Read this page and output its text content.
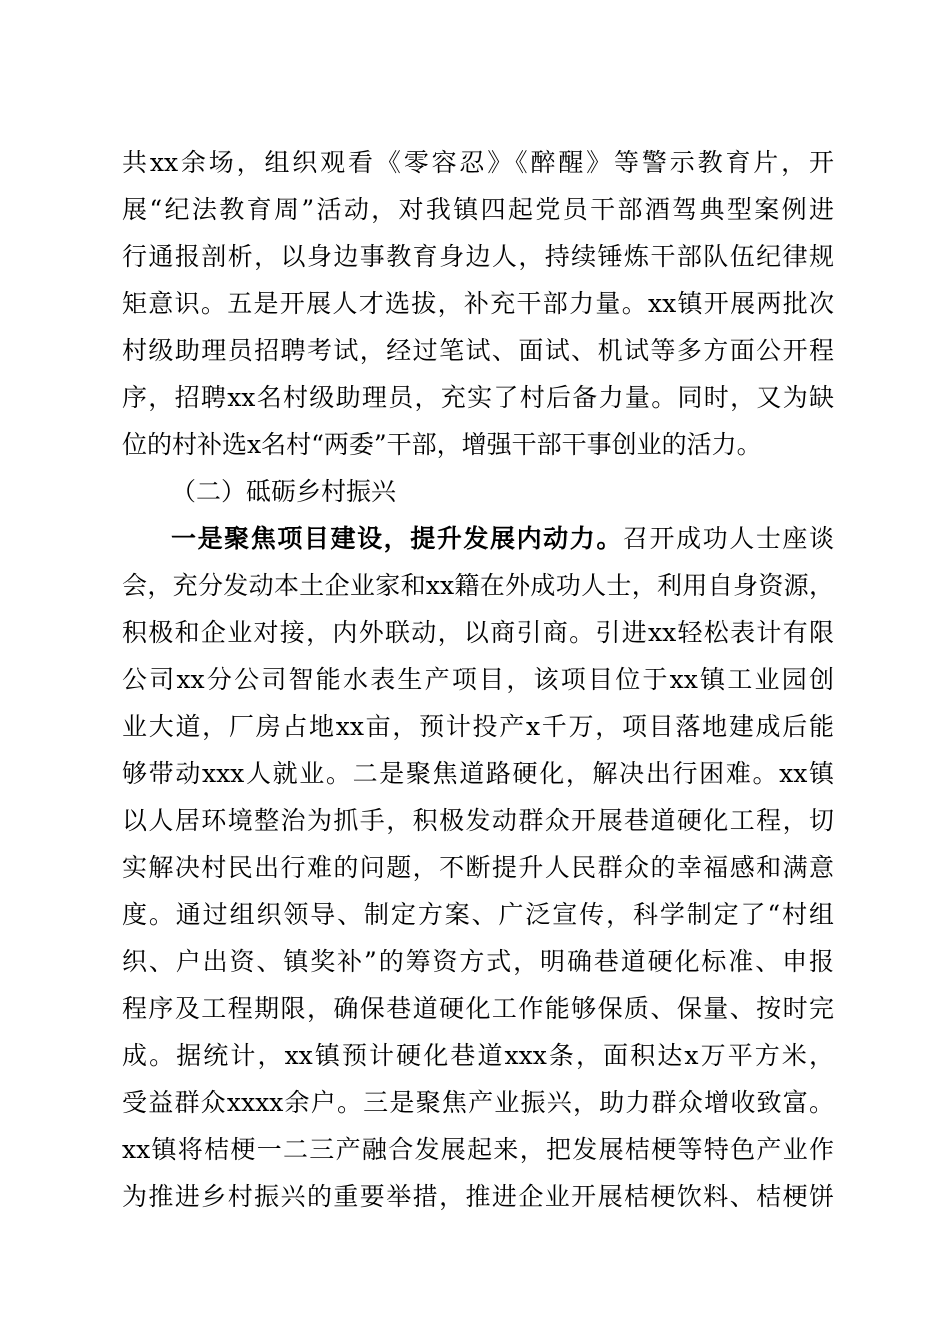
共xx余场，组织观看《零容忍》《醉醒》等警示教育片，开
展“纪法教育周”活动，对我镇四起党员干部酒驾典型案例进
行通报剖析，以身边事教育身边人，持续锤炼干部队伍纪律规
矩意识。五是开展人才选拔，补充干部力量。xx镇开展两批次
村级助理员招聘考试，经过笔试、面试、机试等多方面公开程
序，招聘xx名村级助理员，充实了村后备力量。同时，又为缺
位的村补选x名村“两委”干部，增强干部干事创业的活力。
（二）砥砺乡村振兴
一是聚焦项目建设，提升发展内动力。召开成功人士座谈
会，充分发动本土企业家和xx籍在外成功人士，利用自身资源，
积极和企业对接，内外联动，以商引商。引进xx轻松表计有限
公司xx分公司智能水表生产项目，该项目位于xx镇工业园创
业大道，厂房占地xx亩，预计投产x千万，项目落地建成后能
够带动xxx人就业。二是聚焦道路硬化，解决出行困难。xx镇
以人居环境整治为抓手，积极发动群众开展巷道硬化工程，切
实解决村民出行难的问题，不断提升人民群众的幸福感和满意
度。通过组织领导、制定方案、广泛宣传，科学制定了“村组
织、户出资、镇奖补”的筹资方式，明确巷道硬化标准、申报
程序及工程期限，确保巷道硬化工作能够保质、保量、按时完
成。据统计，xx镇预计硬化巷道xxx条，面积达x万平方米，
受益群众xxxx余户。三是聚焦产业振兴，助力群众增收致富。
xx镇将桔梗一二三产融合发展起来，把发展桔梗等特色产业作
为推进乡村振兴的重要举措，推进企业开展桔梗饮料、桔梗饼
